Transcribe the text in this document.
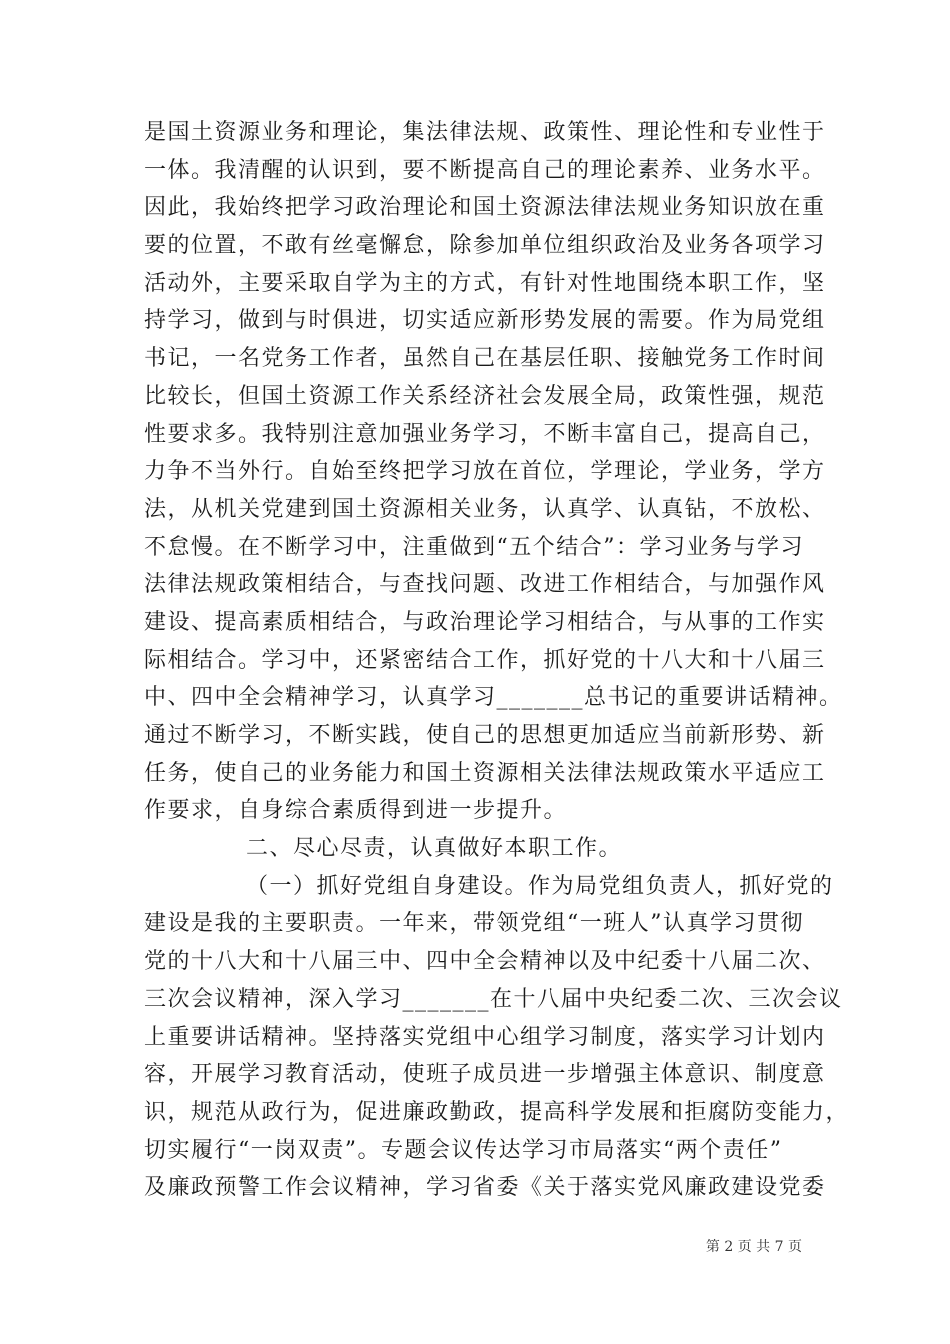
是国土资源业务和理论，集法律法规、政策性、理论性和专业性于
一体。我清醒的认识到，要不断提高自己的理论素养、业务水平。
因此，我始终把学习政治理论和国土资源法律法规业务知识放在重
要的位置，不敢有丝毫懈怠，除参加单位组织政治及业务各项学习
活动外，主要采取自学为主的方式，有针对性地围绕本职工作，坚
持学习，做到与时俱进，切实适应新形势发展的需要。作为局党组
书记，一名党务工作者，虽然自己在基层任职、接触党务工作时间
比较长，但国土资源工作关系经济社会发展全局，政策性强，规范
性要求多。我特别注意加强业务学习，不断丰富自己，提高自己，
力争不当外行。自始至终把学习放在首位，学理论，学业务，学方
法，从机关党建到国土资源相关业务，认真学、认真钻，不放松、
不怠慢。在不断学习中，注重做到“五个结合”：学习业务与学习
法律法规政策相结合，与查找问题、改进工作相结合，与加强作风
建设、提高素质相结合，与政治理论学习相结合，与从事的工作实
际相结合。学习中，还紧密结合工作，抓好党的十八大和十八届三
中、四中全会精神学习，认真学习_______总书记的重要讲话精神。
通过不断学习，不断实践，使自己的思想更加适应当前新形势、新
任务，使自己的业务能力和国土资源相关法律法规政策水平适应工
作要求，自身综合素质得到进一步提升。
二、尽心尽责，认真做好本职工作。
（一）抓好党组自身建设。作为局党组负责人，抓好党的
建设是我的主要职责。一年来，带领党组“一班人”认真学习贯彻
党的十八大和十八届三中、四中全会精神以及中纪委十八届二次、
三次会议精神，深入学习_______在十八届中央纪委二次、三次会议
上重要讲话精神。坚持落实党组中心组学习制度，落实学习计划内
容，开展学习教育活动，使班子成员进一步增强主体意识、制度意
识，规范从政行为，促进廉政勤政，提高科学发展和拒腐防变能力，
切实履行“一岗双责”。专题会议传达学习市局落实“两个责任”
及廉政预警工作会议精神，学习省委《关于落实党风廉政建设党委
第 2 页 共 7 页
